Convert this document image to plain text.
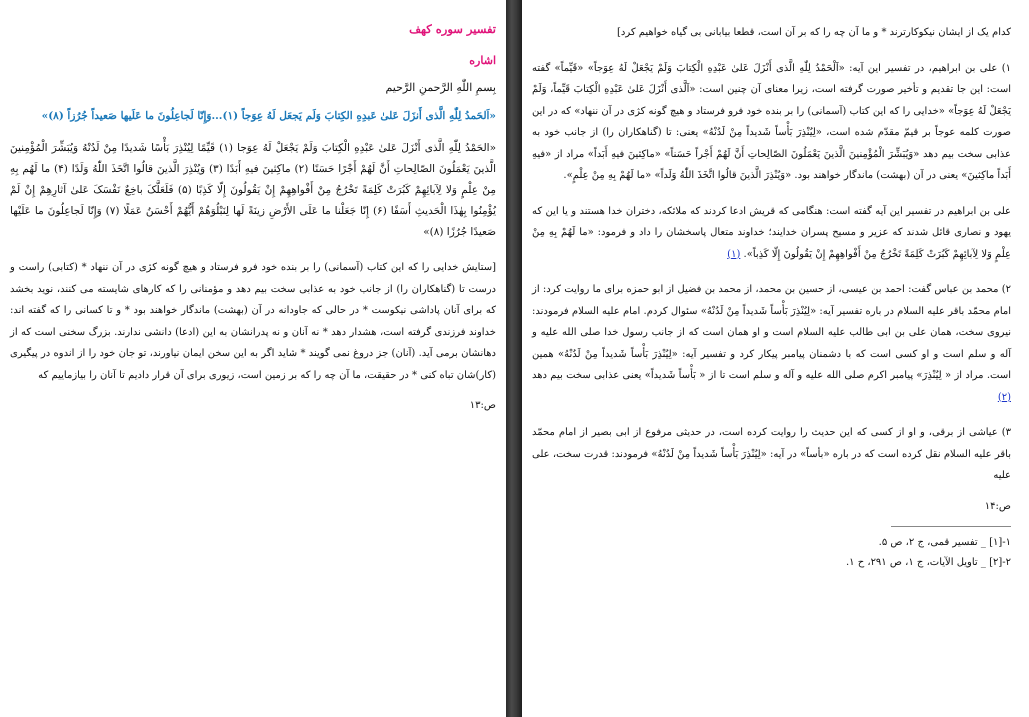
تفسیر سوره کهف
اشاره
بِسمِ اللّٰهِ الرَّحمنِ الرَّحیم
«اَلحَمدُ لِلّٰهِ الَّذی أَنزَلَ عَلیٰ عَبدِهِ الکِتابَ وَلَم یَجعَل لَهُ عِوَجاً (۱)...وَإِنّا لَجاعِلُونَ ما عَلَیها صَعیداً جُرُزاً (۸)»
«الحَمْدُ لِلّٰهِ الَّذی أَنْزَلَ عَلیٰ عَبْدِهِ الْکِتابَ وَلَمْ یَجْعَلْ لَهُ عِوَجا (۱) قَیِّمًا لِیُنْذِرَ بَأْسًا شَدیدًا مِنْ لَدُنْهُ وَیُبَشِّرَ الْمُؤْمِنینَ الَّذینَ یَعْمَلُونَ الصّالِحاتِ أَنَّ لَهُمْ أَجْرًا حَسَنًا (۲) ماکِثینَ فیهِ أَبَدًا (۳) وَیُنْذِرَ الَّذینَ قالُوا اتَّخَذَ اللّٰهُ وَلَدًا (۴) ما لَهُم بِهِ مِنْ عِلْمٍ وَلا لِآبائِهِمْ کَبُرَتْ کَلِمَةً تَخْرُجُ مِنْ أَفْواهِهِمْ إِنْ یَقُولُونَ إِلّا کَذِبًا (۵) فَلَعَلَّکَ باخِعٌ نَفْسَکَ عَلیٰ آثارِهِمْ إِنْ لَمْ یُؤْمِنُوا بِهٰذَا الْحَدیثِ أَسَفًا (۶) إِنّا جَعَلْنا ما عَلَی الأَرْضِ زینَةً لَها لِنَبْلُوَهُمْ أَیُّهُمْ أَحْسَنُ عَمَلًا (۷) وَإِنّا لَجاعِلُونَ ما عَلَیْها صَعیدًا جُرُزًا (۸)»
[ستایش خدایی را که این کتاب (آسمانی) را بر بنده خود فرو فرستاد و هیچ گونه کژی در آن ننهاد * (کتابی) راست و درست تا (گناهکاران را) از جانب خود به عذابی سخت بیم دهد و مؤمنانی را که کارهای شایسته می کنند، نوید بخشد که برای آنان پاداشی نیکوست * در حالی که جاودانه در آن (بهشت) ماندگار خواهند بود * و تا کسانی را که گفته اند: خداوند فرزندی گرفته است، هشدار دهد * نه آنان و نه پدرانشان به این (ادعا) دانشی ندارند. بزرگ سخنی است که از دهانشان برمی آید. (آنان) جز دروغ نمی گویند * شاید اگر به این سخن ایمان نیاورند، تو جان خود را از اندوه در پیگیری (کار)شان تباه کنی * در حقیقت، ما آن چه را که بر زمین است، زیوری برای آن قرار دادیم تا آنان را بیازماییم که
ص:۱۳
کدام یک از ایشان نیکوکارترند * و ما آن چه را که بر آن است، قطعا بیابانی بی گیاه خواهیم کرد]
۱) علی بن ابراهیم، در تفسیر این آیه: «اَلْحَمْدُ لِلّٰهِ الَّذی أَنْزَلَ عَلیٰ عَبْدِهِ الْکِتابَ وَلَمْ یَجْعَلْ لَهُ عِوَجاً» «قَیِّماً» گفته است: این جا تقدیم و تأخیر صورت گرفته است، زیرا معنای آن چنین است: «اَلَّذی أَنْزَلَ عَلیٰ عَبْدِهِ الْکِتابَ قَیِّماً، وَلَمْ یَجْعَلْ لَهُ عِوَجاً» «خدایی را که این کتاب (آسمانی) را بر بنده خود فرو فرستاد و هیچ گونه کژی در آن ننهاد» که در این صورت کلمه عوجاً بر قیمّ مقدّم شده است، «لِیُنْذِرَ بَأْساً شَدیداً مِنْ لَدُنْهُ» یعنی: تا (گناهکاران را) از جانب خود به عذابی سخت بیم دهد «وَیُبَشِّرَ الْمُؤْمِنینَ الَّذینَ یَعْمَلُونَ الصّالِحاتِ أَنَّ لَهُمْ أَجْراً حَسَناً» «ماکِثینَ فیهِ أَبَداً» مراد از «فیهِ أَبَداً ماکِثینَ» یعنی در آن (بهشت) ماندگار خواهند بود. «وَیُنْذِرَ الَّذینَ قالُوا اتَّخَذَ اللّٰهُ وَلَداً» «ما لَهُمْ بِهِ مِنْ عِلْمٍ».
علی بن ابراهیم در تفسیر این آیه گفته است: هنگامی که قریش ادعا کردند که ملائکه، دختران خدا هستند و یا این که یهود و نصاری قائل شدند که عزیر و مسیح پسران خدایند؛ خداوند متعال پاسخشان را داد و فرمود: «ما لَهُمْ بِهِ مِنْ عِلْمٍ وَلا لِآبائِهِمْ کَبُرَتْ کَلِمَةً تَخْرُجُ مِنْ أَفْواهِهِمْ إِنْ یَقُولُونَ إِلّا کَذِباً». (۱)
۲) محمد بن عباس گفت: احمد بن عیسی، از حسین بن محمد، از محمد بن فضیل از ابو حمزه برای ما روایت کرد: از امام محمّد باقر علیه السلام در باره تفسیر آیه: «لِیُنْذِرَ بَأْساً شَدیداً مِنْ لَدُنْهُ» سئوال کردم. امام علیه السلام فرمودند: نیروی سخت، همان علی بن ابی طالب علیه السلام است و او همان است که از جانب رسول خدا صلی الله علیه و آله و سلم است و او کسی است که با دشمنان پیامبر پیکار کرد و تفسیر آیه: «لِیُنْذِرَ بَأْساً شَدیداً مِنْ لَدُنْهُ» همین است. مراد از « لِیُنْذِرَ» پیامبر اکرم صلی الله علیه و آله و سلم است تا از « بَأْساً شَدیداً» یعنی عذابی سخت بیم دهد (۲)
۳) عیاشی از برقی، و او از کسی که این حدیث را روایت کرده است، در حدیثی مرفوع از ابی بصیر از امام محمّد باقر علیه السلام نقل کرده است که در باره «بأساً» در آیه: «لِیُنْذِرَ بَأْساً شَدیداً مِنْ لَدُنْهُ» فرمودند: قدرت سخت، علی علیه
ص:۱۴
۱-[۱] _ تفسیر قمی، ج ۲، ص ۵.
۲-[۲] _ تاویل الآیات، ج ۱، ص ۲۹۱، ح ۱.
